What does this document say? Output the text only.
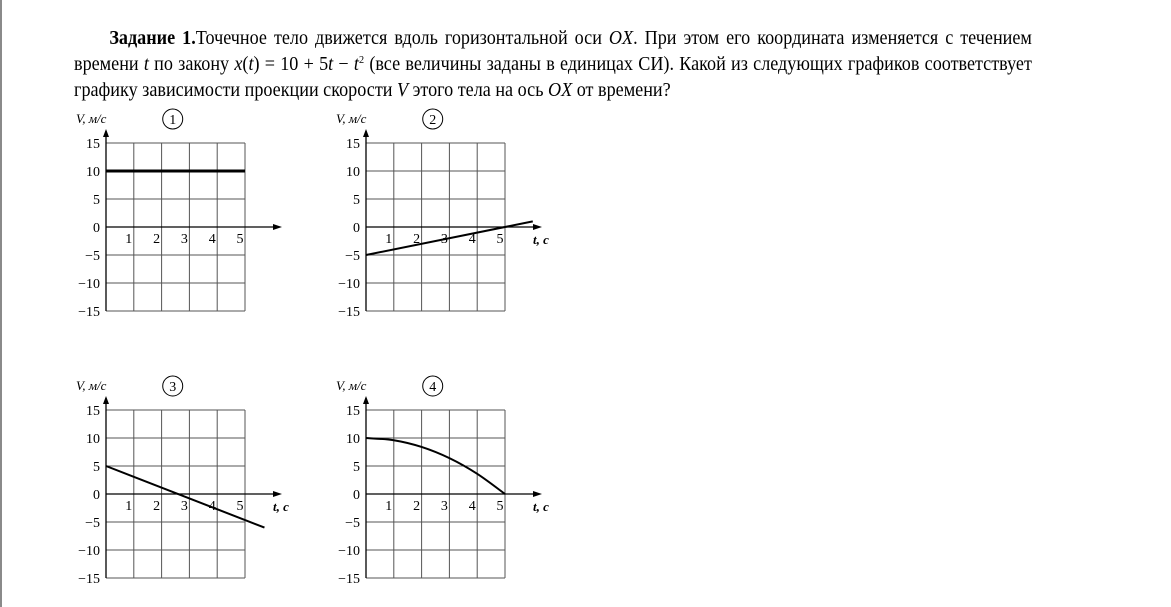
Задание 1.Точечное тело движется вдоль горизонтальной оси OX. При этом его координата изменяется с течением времени t по закону $x(t) = 10 + 5t - t^2$ (все величины заданы в единицах СИ). Какой из следующих графиков соответствует графику зависимости проекции скорости V этого тела на ось OX от времени?
15
10
5
0
−5
−10
−15
1 2 3 4 5
V, м/с	1
15
10
5
0
−5
−10
−15
1 2 3 4 5
V, м/с
t, с
2
15
10
5
0
−5
−10
−15
1 2 3 4 5
V, м/с
t, с
3
15
10
5
0
−5
−10
−15
1 2 3 4 5
V, м/с
t, с
4
